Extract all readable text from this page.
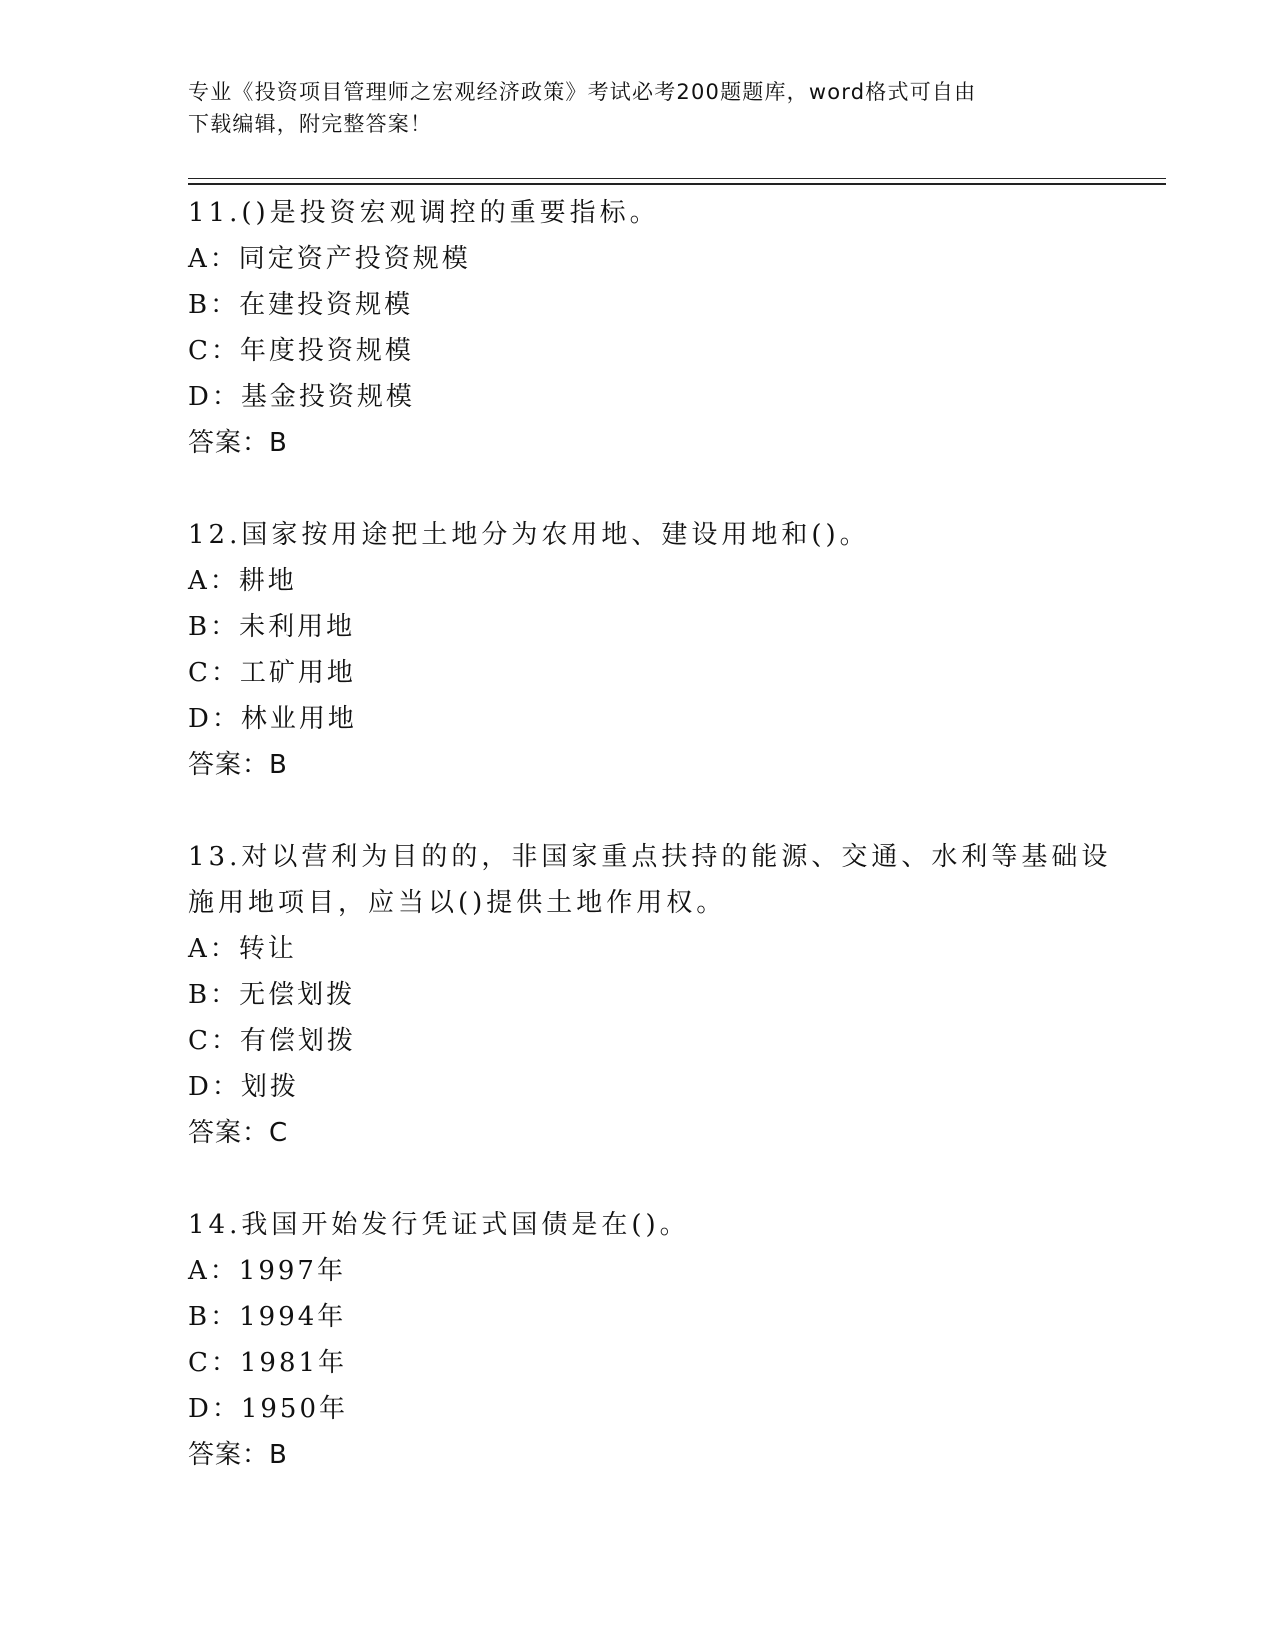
专业《投资项目管理师之宏观经济政策》考试必考200题题库，word格式可自由
下载编辑，附完整答案！
11.()是投资宏观调控的重要指标。
A：同定资产投资规模
B：在建投资规模
C：年度投资规模
D：基金投资规模
答案：B
12.国家按用途把土地分为农用地、建设用地和()。
A：耕地
B：未利用地
C：工矿用地
D：林业用地
答案：B
13.对以营利为目的的，非国家重点扶持的能源、交通、水利等基础设
施用地项目，应当以()提供土地作用权。
A：转让
B：无偿划拨
C：有偿划拨
D：划拨
答案：C
14.我国开始发行凭证式国债是在()。
A：1997年
B：1994年
C：1981年
D：1950年
答案：B
